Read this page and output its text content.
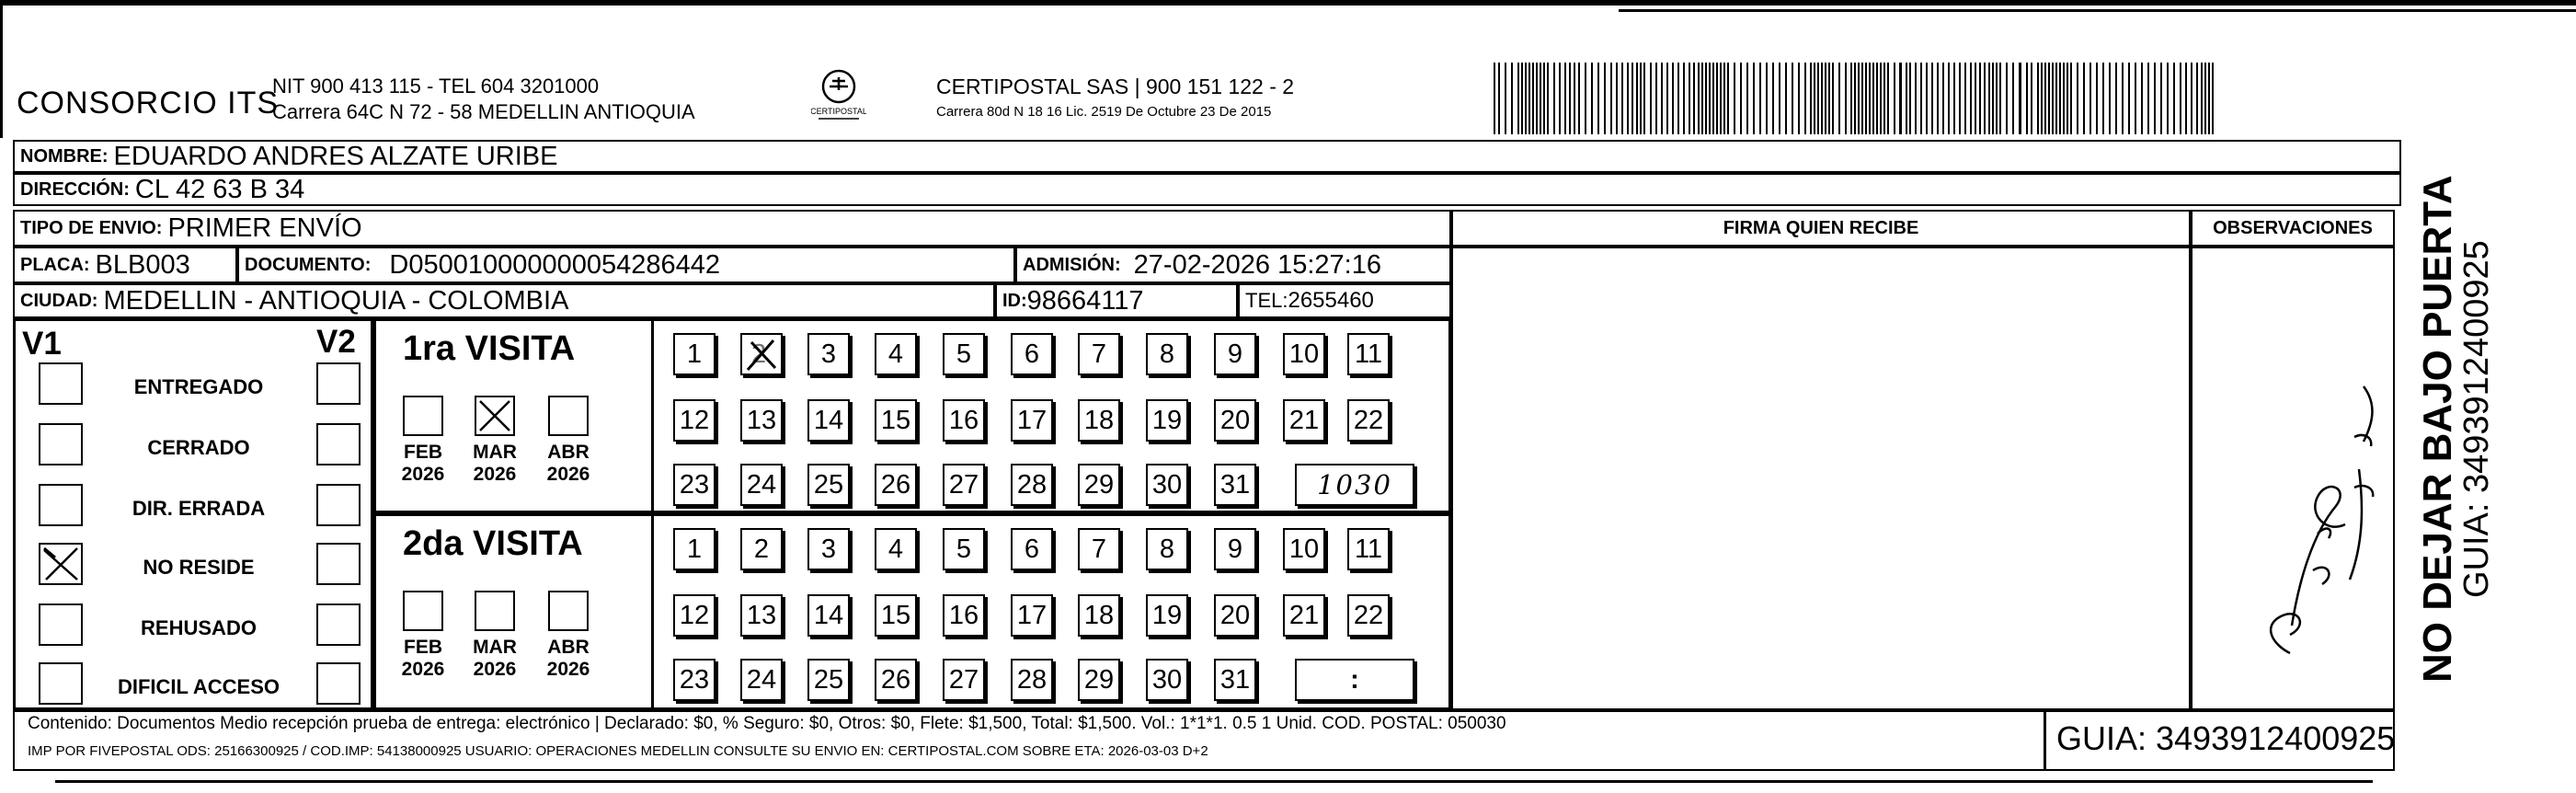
CONSORCIO ITS
NIT 900 413 115 - TEL 604 3201000
Carrera 64C N 72 - 58 MEDELLIN ANTIOQUIA	CERTIPOSTAL
CERTIPOSTAL SAS | 900 151 122 - 2
Carrera 80d N 18 16 Lic. 2519 De Octubre 23 De 2015
NOMBRE: EDUARDO ANDRES ALZATE URIBE
DIRECCIÓN: CL 42 63 B 34
TIPO DE ENVIO: PRIMER ENVÍO
PLACA: BLB003	DOCUMENTO: D050010000000054286442	ADMISIÓN: 27-02-2026 15:27:16
CIUDAD: MEDELLIN - ANTIOQUIA - COLOMBIA	ID: 98664117	TEL: 2655460
FIRMA QUIEN RECIBE	OBSERVACIONES
V1	V2
ENTREGADO
CERRADO
DIR. ERRADA
NO RESIDE
REHUSADO
DIFICIL ACCESO
1ra VISITA
2da VISITA
FEB
2026
MAR
2026
ABR
2026
1	2	3	4	5	6	7	8	9	10 11
12 13 14 15 16 17 18 19 20 21 22
23 24 25 26 27 28 29 30 31	1030
FEB
2026
MAR
2026
ABR
2026
1	2	3	4	5	6	7	8	9	10 11
12 13 14 15 16 17 18 19 20 21 22
23 24 25 26 27 28 29 30 31	:
Contenido: Documentos Medio recepción prueba de entrega: electrónico | Declarado: $0, % Seguro: $0, Otros: $0, Flete: $1,500, Total: $1,500. Vol.: 1*1*1. 0.5 1 Unid. COD. POSTAL: 050030
IMP POR FIVEPOSTAL ODS: 25166300925 / COD.IMP: 54138000925 USUARIO: OPERACIONES MEDELLIN CONSULTE SU ENVIO EN: CERTIPOSTAL.COM SOBRE ETA: 2026-03-03 D+2	GUIA: 3493912400925
NO DEJAR BAJO PUERTA
GUIA: 3493912400925
